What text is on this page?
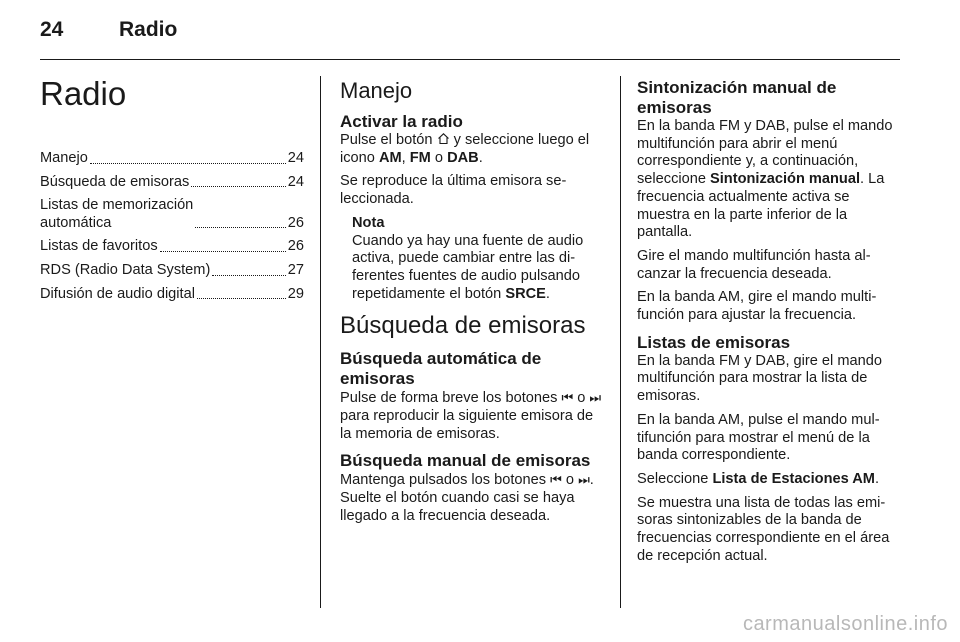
24	Radio
Radio
Manejo	24
Búsqueda de emisoras	24
Listas de memorización
automática	26
Listas de favoritos	26
RDS (Radio Data System)	27
Difusión de audio digital	29
Manejo
Activar la radio

Pulse el botón  y seleccione luego el icono AM, FM o DAB.

Se reproduce la última emisora seleccionada.

Nota

Cuando ya hay una fuente de audio activa, puede cambiar entre las diferentes fuentes de audio pulsando repetidamente el botón SRCE.

Búsqueda de emisoras
Búsqueda automática de emisoras

Pulse de forma breve los botones ⏮ o ⏭ para reproducir la siguiente emisora de la memoria de emisoras.

Búsqueda manual de emisoras

Mantenga pulsados los botones ⏮ o ⏭. Suelte el botón cuando casi se haya llegado a la frecuencia deseada.

Sintonización manual de emisoras

En la banda FM y DAB, pulse el mando multifunción para abrir el menú correspondiente y, a continuación, seleccione Sintonización manual. La frecuencia actualmente activa se muestra en la parte inferior de la pantalla.

Gire el mando multifunción hasta alcanzar la frecuencia deseada.

En la banda AM, gire el mando multifunción para ajustar la frecuencia.

Listas de emisoras

En la banda FM y DAB, gire el mando multifunción para mostrar la lista de emisoras.

En la banda AM, pulse el mando multifunción para mostrar el menú de la banda correspondiente.

Seleccione Lista de Estaciones AM.

Se muestra una lista de todas las emisoras sintonizables de la banda de frecuencias correspondiente en el área de recepción actual.

carmanualsonline.info
